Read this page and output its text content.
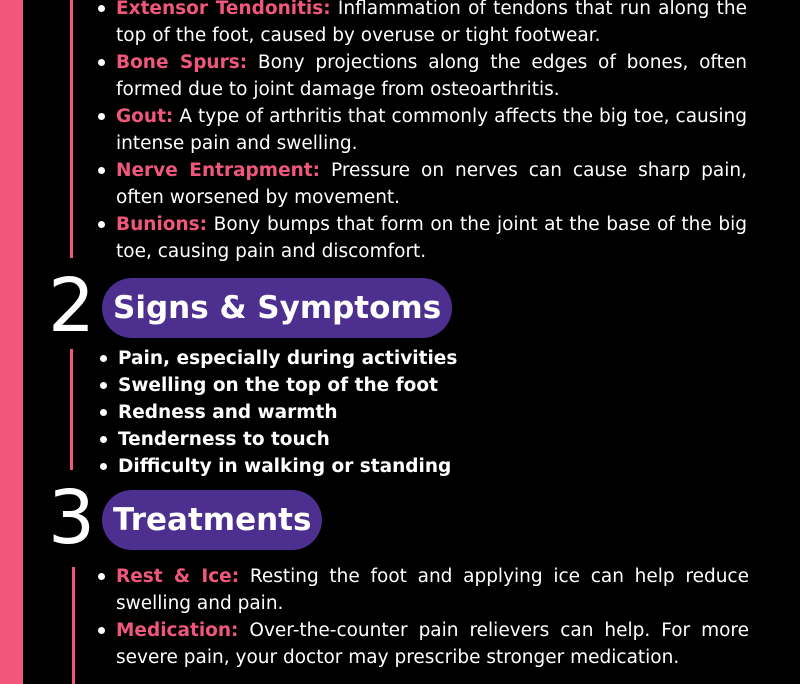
Extensor Tendonitis: Inflammation of tendons that run along the top of the foot, caused by overuse or tight footwear.
Bone Spurs: Bony projections along the edges of bones, often formed due to joint damage from osteoarthritis.
Gout: A type of arthritis that commonly affects the big toe, causing intense pain and swelling.
Nerve Entrapment: Pressure on nerves can cause sharp pain, often worsened by movement.
Bunions: Bony bumps that form on the joint at the base of the big toe, causing pain and discomfort.
2 Signs & Symptoms
Pain, especially during activities
Swelling on the top of the foot
Redness and warmth
Tenderness to touch
Difficulty in walking or standing
3 Treatments
Rest & Ice: Resting the foot and applying ice can help reduce swelling and pain.
Medication: Over-the-counter pain relievers can help. For more severe pain, your doctor may prescribe stronger medication.
